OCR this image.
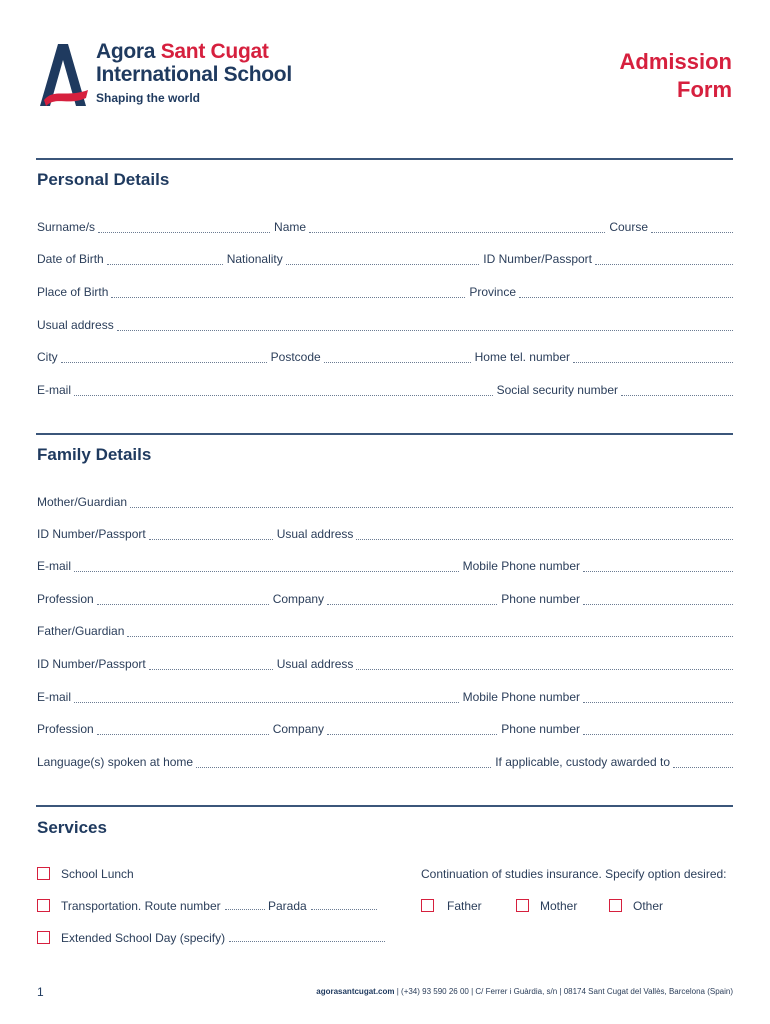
Agora Sant Cugat
International School
Shaping the world
Admission
Form
Personal Details
Surname/s	Name	Course
Date of Birth	Nationality	ID Number/Passport
Place of Birth	Province
Usual address
City	Postcode	Home tel. number
E-mail	Social security number
Family Details
Mother/Guardian
ID Number/Passport	Usual address
E-mail	Mobile Phone number
Profession	Company	Phone number
Father/Guardian
ID Number/Passport	Usual address
E-mail	Mobile Phone number
Profession	Company	Phone number
Language(s) spoken at home	If applicable, custody awarded to
Services
School Lunch
Transportation. Route number	Parada
Extended School Day (specify)
Continuation of studies insurance. Specify option desired:
Father	Mother	Other
1	agorasantcugat.com | (+34) 93 590 26 00 | C/ Ferrer i Guàrdia, s/n | 08174 Sant Cugat del Vallès, Barcelona (Spain)
